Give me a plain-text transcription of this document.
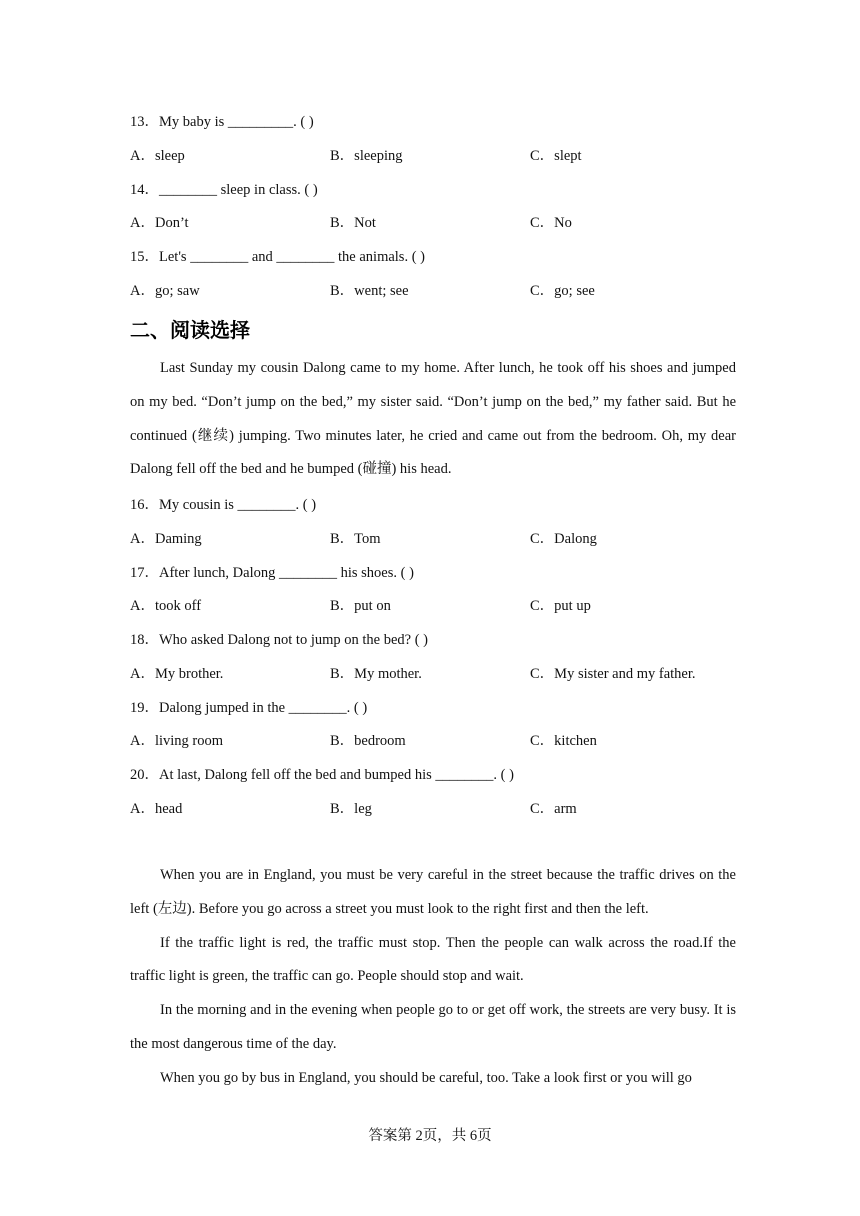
13．My baby is _________. ( )
A．sleep	B．sleeping	C．slept
14．________ sleep in class. ( )
A．Don’t	B．Not	C．No
15．Let's ________ and ________ the animals. ( )
A．go; saw	B．went; see	C．go; see
二、阅读选择
Last Sunday my cousin Dalong came to my home. After lunch, he took off his shoes and jumped on my bed. “Don’t jump on the bed,” my sister said. “Don’t jump on the bed,” my father said. But he continued (继续) jumping. Two minutes later, he cried and came out from the bedroom. Oh, my dear Dalong fell off the bed and he bumped (碰撞) his head.
16．My cousin is ________. ( )
A．Daming	B．Tom	C．Dalong
17．After lunch, Dalong ________ his shoes. ( )
A．took off	B．put on	C．put up
18．Who asked Dalong not to jump on the bed? ( )
A．My brother.	B．My mother.	C．My sister and my father.
19．Dalong jumped in the ________. ( )
A．living room	B．bedroom	C．kitchen
20．At last, Dalong fell off the bed and bumped his ________. ( )
A．head	B．leg	C．arm
When you are in England, you must be very careful in the street because the traffic drives on the left (左边). Before you go across a street you must look to the right first and then the left.
If the traffic light is red, the traffic must stop. Then the people can walk across the road.If the traffic light is green, the traffic can go. People should stop and wait.
In the morning and in the evening when people go to or get off work, the streets are very busy. It is the most dangerous time of the day.
When you go by bus in England, you should be careful, too. Take a look first or you will go
答案第 2页，共 6页
